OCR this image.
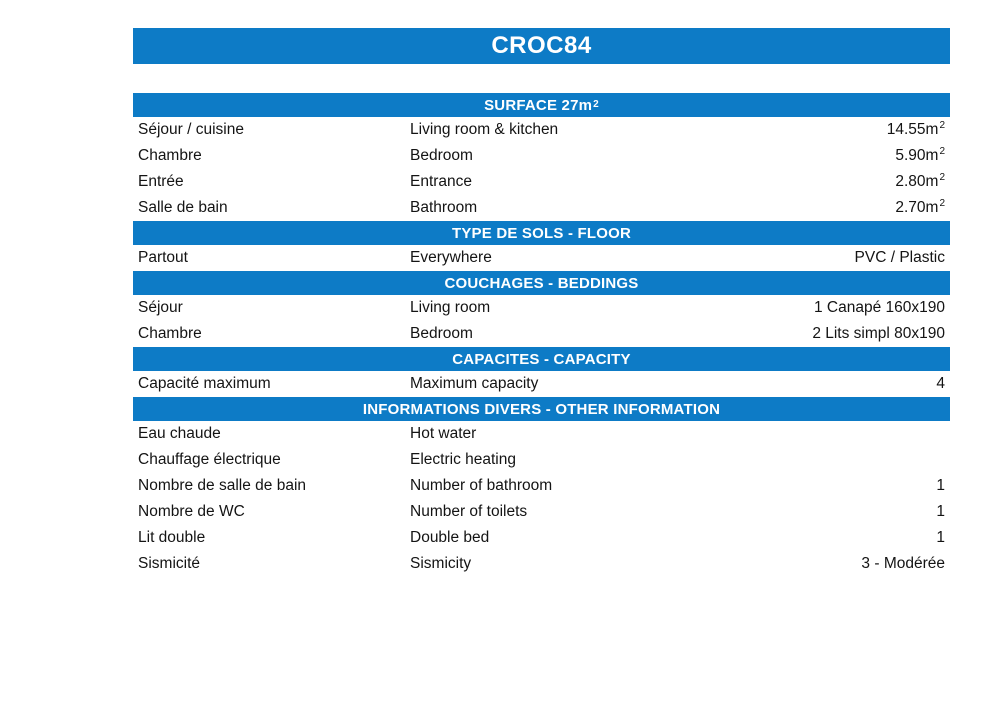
CROC84
SURFACE 27m 2
Séjour / cuisine	Living room & kitchen	$14.55m^2$
Chambre	Bedroom	$5.90m^2$
Entrée	Entrance	$2.80m^2$
Salle de bain	Bathroom	$2.70m^2$
TYPE DE SOLS - FLOOR
Partout	Everywhere	PVC / Plastic
COUCHAGES - BEDDINGS
Séjour	Living room	1 Canapé 160x190
Chambre	Bedroom	2 Lits simpl 80x190
CAPACITES - CAPACITY
Capacité maximum	Maximum capacity	4
INFORMATIONS DIVERS - OTHER INFORMATION
Eau chaude	Hot water
Chauffage électrique	Electric heating
Nombre de salle de bain	Number of bathroom	1
Nombre de WC	Number of toilets	1
Lit double	Double bed	1
Sismicité	Sismicity	3 - Modérée
